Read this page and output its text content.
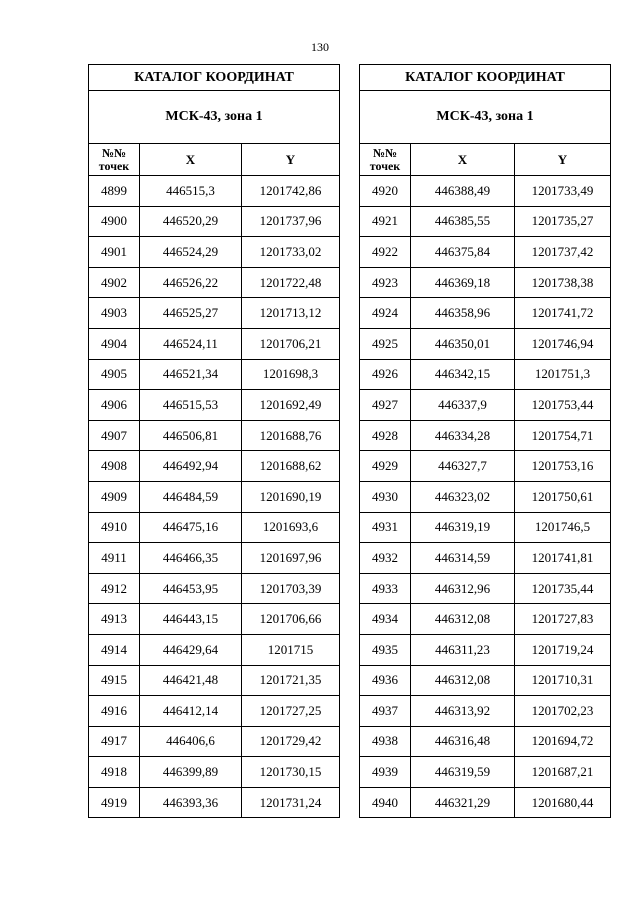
130
КАТАЛОГ КООРДИНАТ		
МСК-43, зона 1		

№№ точек	X	Y
4899	446515,3	1201742,86
4900	446520,29	1201737,96
4901	446524,29	1201733,02
4902	446526,22	1201722,48
4903	446525,27	1201713,12
4904	446524,11	1201706,21
4905	446521,34	1201698,3
4906	446515,53	1201692,49
4907	446506,81	1201688,76
4908	446492,94	1201688,62
4909	446484,59	1201690,19
4910	446475,16	1201693,6
4911	446466,35	1201697,96
4912	446453,95	1201703,39
4913	446443,15	1201706,66
4914	446429,64	1201715
4915	446421,48	1201721,35
4916	446412,14	1201727,25
4917	446406,6	1201729,42
4918	446399,89	1201730,15
4919	446393,36	1201731,24
КАТАЛОГ КООРДИНАТ		
МСК-43, зона 1		

№№ точек	X	Y
4920	446388,49	1201733,49
4921	446385,55	1201735,27
4922	446375,84	1201737,42
4923	446369,18	1201738,38
4924	446358,96	1201741,72
4925	446350,01	1201746,94
4926	446342,15	1201751,3
4927	446337,9	1201753,44
4928	446334,28	1201754,71
4929	446327,7	1201753,16
4930	446323,02	1201750,61
4931	446319,19	1201746,5
4932	446314,59	1201741,81
4933	446312,96	1201735,44
4934	446312,08	1201727,83
4935	446311,23	1201719,24
4936	446312,08	1201710,31
4937	446313,92	1201702,23
4938	446316,48	1201694,72
4939	446319,59	1201687,21
4940	446321,29	1201680,44
